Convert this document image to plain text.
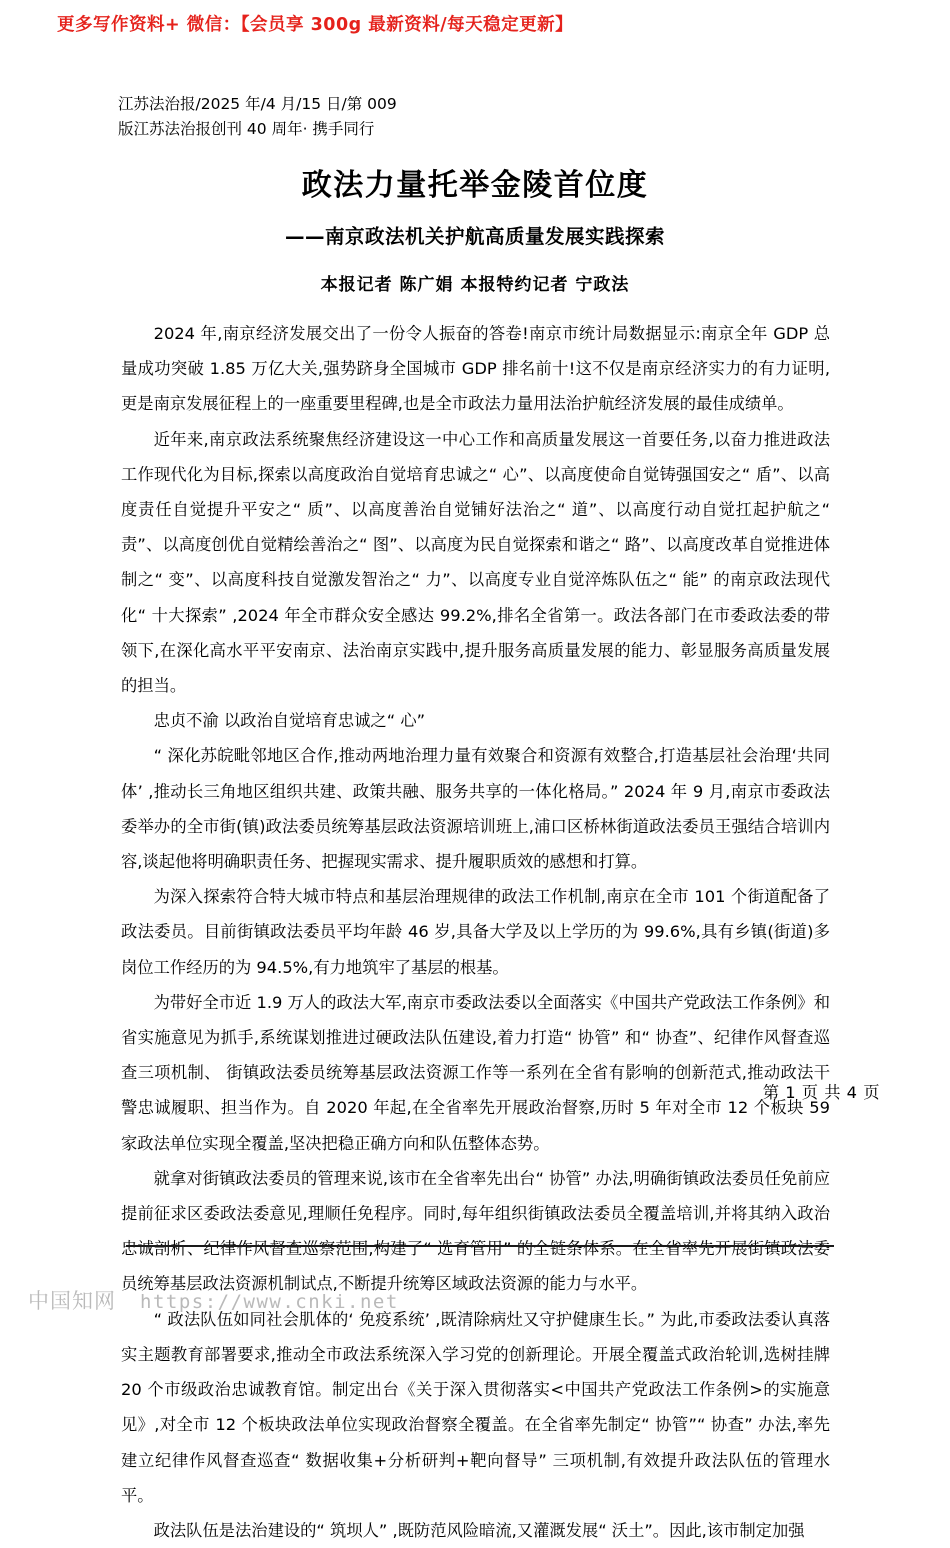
更多写作资料+ 微信：【会员享 300g 最新资料/每天稳定更新】
江苏法治报/2025 年/4 月/15 日/第 009
版江苏法治报创刊 40 周年· 携手同行
政法力量托举金陵首位度
——南京政法机关护航高质量发展实践探索
本报记者 陈广娟 本报特约记者 宁政法

2024 年,南京经济发展交出了一份令人振奋的答卷!南京市统计局数据显示:南京全年 GDP 总量成功突破 1.85 万亿大关,强势跻身全国城市 GDP 排名前十!这不仅是南京经济实力的有力证明,更是南京发展征程上的一座重要里程碑,也是全市政法力量用法治护航经济发展的最佳成绩单。

近年来,南京政法系统聚焦经济建设这一中心工作和高质量发展这一首要任务,以奋力推进政法工作现代化为目标,探索以高度政治自觉培育忠诚之“ 心”、以高度使命自觉铸强国安之“ 盾”、以高度责任自觉提升平安之“ 质”、以高度善治自觉铺好法治之“ 道”、以高度行动自觉扛起护航之“ 责”、以高度创优自觉精绘善治之“ 图”、以高度为民自觉探索和谐之“ 路”、以高度改革自觉推进体制之“ 变”、以高度科技自觉激发智治之“ 力”、以高度专业自觉淬炼队伍之“ 能” 的南京政法现代化“ 十大探索” ,2024 年全市群众安全感达 99.2%,排名全省第一。政法各部门在市委政法委的带领下,在深化高水平平安南京、法治南京实践中,提升服务高质量发展的能力、彰显服务高质量发展的担当。

忠贞不渝 以政治自觉培育忠诚之“ 心”

“ 深化苏皖毗邻地区合作,推动两地治理力量有效聚合和资源有效整合,打造基层社会治理‘共同体’ ,推动长三角地区组织共建、政策共融、服务共享的一体化格局。” 2024 年 9 月,南京市委政法委举办的全市街(镇)政法委员统筹基层政法资源培训班上,浦口区桥林街道政法委员王强结合培训内容,谈起他将明确职责任务、把握现实需求、提升履职质效的感想和打算。

为深入探索符合特大城市特点和基层治理规律的政法工作机制,南京在全市 101 个街道配备了政法委员。目前街镇政法委员平均年龄 46 岁,具备大学及以上学历的为 99.6%,具有乡镇(街道)多岗位工作经历的为 94.5%,有力地筑牢了基层的根基。

为带好全市近 1.9 万人的政法大军,南京市委政法委以全面落实《中国共产党政法工作条例》和省实施意见为抓手,系统谋划推进过硬政法队伍建设,着力打造“ 协管” 和“ 协查”、纪律作风督查巡查三项机制、 街镇政法委员统筹基层政法资源工作等一系列在全省有影响的创新范式,推动政法干警忠诚履职、担当作为。自 2020 年起,在全省率先开展政治督察,历时 5 年对全市 12 个板块 59 家政法单位实现全覆盖,坚决把稳正确方向和队伍整体态势。

就拿对街镇政法委员的管理来说,该市在全省率先出台“ 协管” 办法,明确街镇政法委员任免前应提前征求区委政法委意见,理顺任免程序。同时,每年组织街镇政法委员全覆盖培训,并将其纳入政治忠诚剖析、纪律作风督查巡察范围,构建了“ 选育管用” 的全链条体系。在全省率先开展街镇政法委员统筹基层政法资源机制试点,不断提升统筹区域政法资源的能力与水平。

“ 政法队伍如同社会肌体的‘ 免疫系统’ ,既清除病灶又守护健康生长。” 为此,市委政法委认真落实主题教育部署要求,推动全市政法系统深入学习党的创新理论。开展全覆盖式政治轮训,选树挂牌 20 个市级政治忠诚教育馆。制定出台《关于深入贯彻落实<中国共产党政法工作条例>的实施意见》,对全市 12 个板块政法单位实现政治督察全覆盖。在全省率先制定“ 协管”“ 协查” 办法,率先建立纪律作风督查巡查“ 数据收集+分析研判+靶向督导” 三项机制,有效提升政法队伍的管理水平。

政法队伍是法治建设的“ 筑坝人” ,既防范风险暗流,又灌溉发展“ 沃土”。因此,该市制定加强

第 1 页 共 4 页
中国知网 https://www.cnki.net
